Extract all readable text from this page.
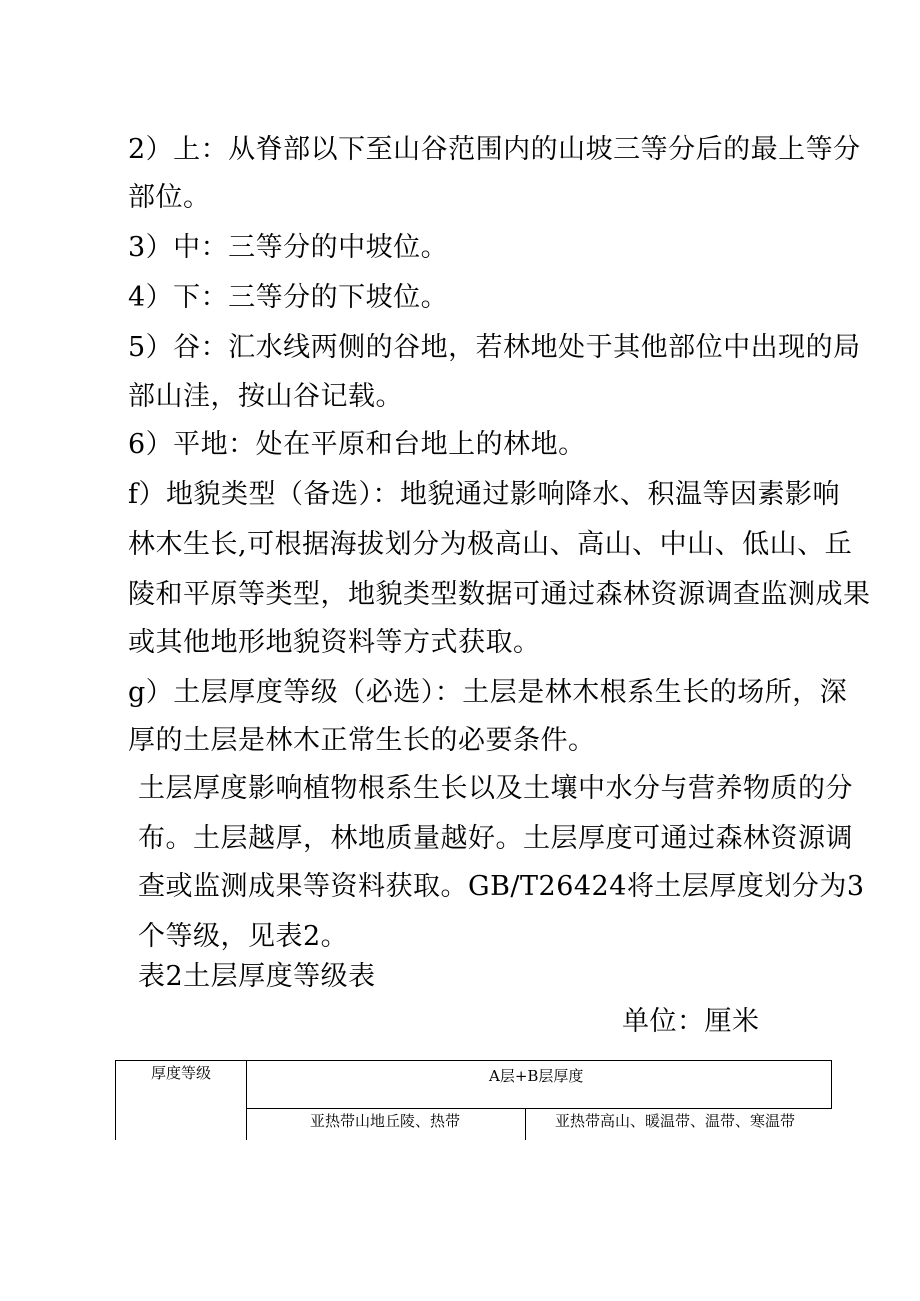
2）上：从脊部以下至山谷范围内的山坡三等分后的最上等分
部位。
3）中：三等分的中坡位。
4）下：三等分的下坡位。
5）谷：汇水线两侧的谷地，若林地处于其他部位中出现的局
部山洼，按山谷记载。
6）平地：处在平原和台地上的林地。
f）地貌类型（备选）：地貌通过影响降水、积温等因素影响
林木生长,可根据海拔划分为极高山、高山、中山、低山、丘
陵和平原等类型，地貌类型数据可通过森林资源调查监测成果
或其他地形地貌资料等方式获取。
g）土层厚度等级（必选）：土层是林木根系生长的场所，深
厚的土层是林木正常生长的必要条件。
土层厚度影响植物根系生长以及土壤中水分与营养物质的分
布。土层越厚，林地质量越好。土层厚度可通过森林资源调
查或监测成果等资料获取。GB/T26424将土层厚度划分为3
个等级，见表2。
表2土层厚度等级表
单位：厘米
厚度等级	A层+B层厚度
亚热带山地丘陵、热带	亚热带高山、暖温带、温带、寒温带
